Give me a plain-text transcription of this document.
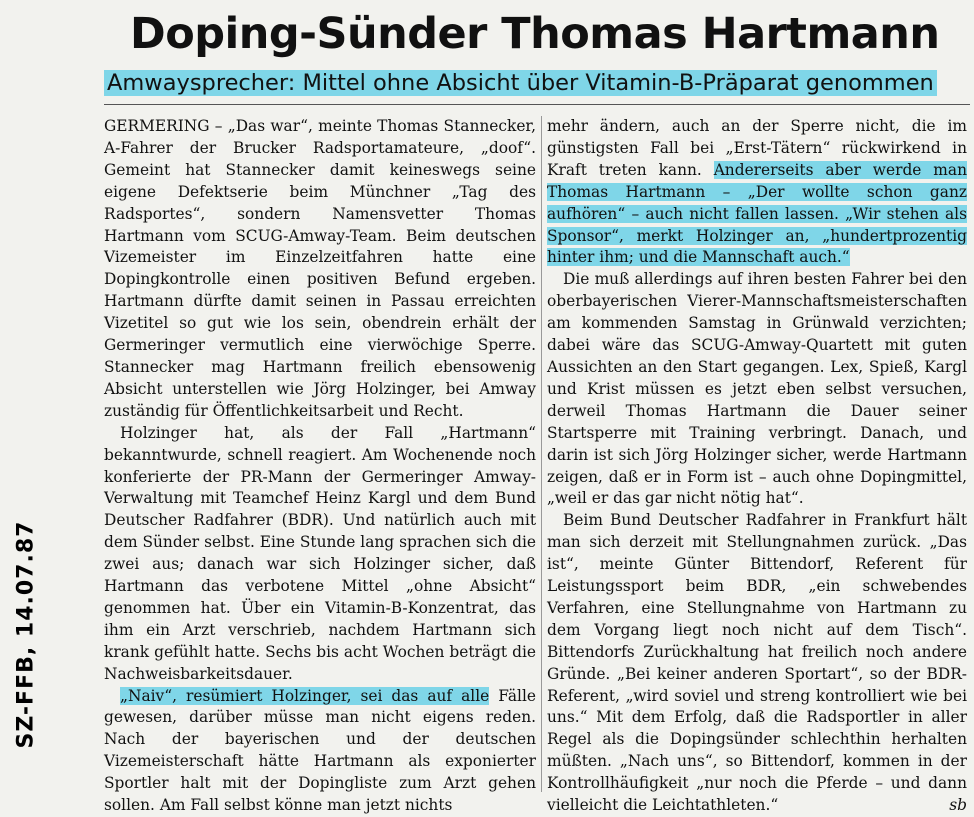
SZ-FFB, 14.07.87
Doping-Sünder Thomas Hartmann
Amwaysprecher: Mittel ohne Absicht über Vitamin-B-Präparat genommen

GERMERING – „Das war“, meinte Thomas Stannecker, A-Fahrer der Brucker Radsportamateure, „doof“. Gemeint hat Stannecker damit keineswegs seine eigene Defektserie beim Münchner „Tag des Radsportes“, sondern Namensvetter Thomas Hartmann vom SCUG-Amway-Team. Beim deutschen Vizemeister im Einzelzeitfahren hatte eine Dopingkontrolle einen positiven Befund ergeben. Hartmann dürfte damit seinen in Passau erreichten Vizetitel so gut wie los sein, obendrein erhält der Germeringer vermutlich eine vierwöchige Sperre. Stannecker mag Hartmann freilich ebensowenig Absicht unterstellen wie Jörg Holzinger, bei Amway zuständig für Öffentlichkeitsarbeit und Recht.

Holzinger hat, als der Fall „Hartmann“ bekanntwurde, schnell reagiert. Am Wochenende noch konferierte der PR-Mann der Germeringer Amway-Verwaltung mit Teamchef Heinz Kargl und dem Bund Deutscher Radfahrer (BDR). Und natürlich auch mit dem Sünder selbst. Eine Stunde lang sprachen sich die zwei aus; danach war sich Holzinger sicher, daß Hartmann das verbotene Mittel „ohne Absicht“ genommen hat. Über ein Vitamin-B-Konzentrat, das ihm ein Arzt verschrieb, nachdem Hartmann sich krank gefühlt hatte. Sechs bis acht Wochen beträgt die Nachweisbarkeitsdauer.

„Naiv“, resümiert Holzinger, sei das auf alle Fälle gewesen, darüber müsse man nicht eigens reden. Nach der bayerischen und der deutschen Vizemeisterschaft hätte Hartmann als exponierter Sportler halt mit der Dopingliste zum Arzt gehen sollen. Am Fall selbst könne man jetzt nichts

mehr ändern, auch an der Sperre nicht, die im günstigsten Fall bei „Erst-Tätern“ rückwirkend in Kraft treten kann. Andererseits aber werde man Thomas Hartmann – „Der wollte schon ganz aufhören“ – auch nicht fallen lassen. „Wir stehen als Sponsor“, merkt Holzinger an, „hundertprozentig hinter ihm; und die Mannschaft auch.“

Die muß allerdings auf ihren besten Fahrer bei den oberbayerischen Vierer-Mannschaftsmeisterschaften am kommenden Samstag in Grünwald verzichten; dabei wäre das SCUG-Amway-Quartett mit guten Aussichten an den Start gegangen. Lex, Spieß, Kargl und Krist müssen es jetzt eben selbst versuchen, derweil Thomas Hartmann die Dauer seiner Startsperre mit Training verbringt. Danach, und darin ist sich Jörg Holzinger sicher, werde Hartmann zeigen, daß er in Form ist – auch ohne Dopingmittel, „weil er das gar nicht nötig hat“.

Beim Bund Deutscher Radfahrer in Frankfurt hält man sich derzeit mit Stellungnahmen zurück. „Das ist“, meinte Günter Bittendorf, Referent für Leistungssport beim BDR, „ein schwebendes Verfahren, eine Stellungnahme von Hartmann zu dem Vorgang liegt noch nicht auf dem Tisch“. Bittendorfs Zurückhaltung hat freilich noch andere Gründe. „Bei keiner anderen Sportart“, so der BDR-Referent, „wird soviel und streng kontrolliert wie bei uns.“ Mit dem Erfolg, daß die Radsportler in aller Regel als die Dopingsünder schlechthin herhalten müßten. „Nach uns“, so Bittendorf, kommen in der Kontrollhäufigkeit „nur noch die Pferde – und dann vielleicht die Leichtathleten.“	sb
